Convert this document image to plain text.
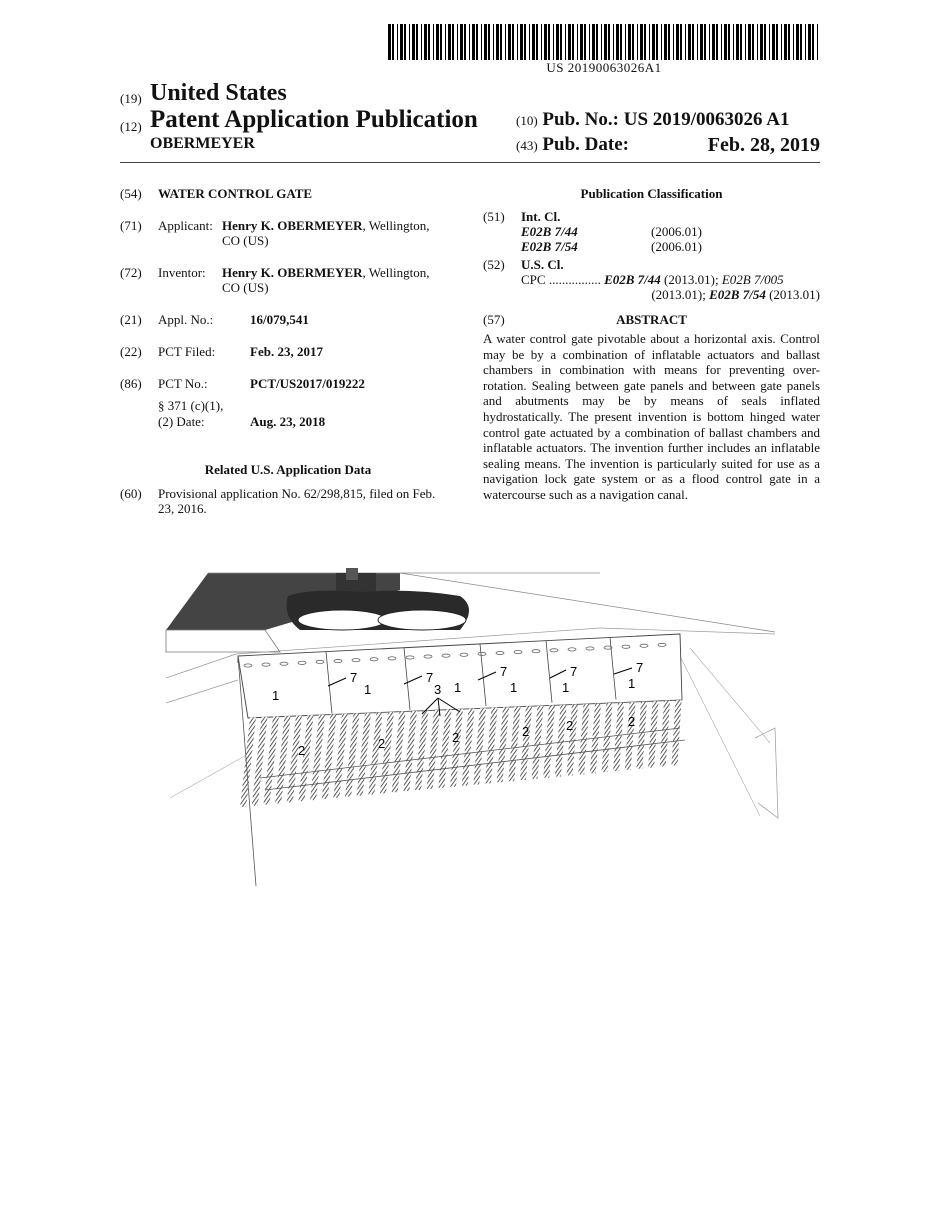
US 20190063026A1
(19) United States
(12) Patent Application Publication
OBERMEYER
(10) Pub. No.: US 2019/0063026 A1
(43) Pub. Date:	Feb. 28, 2019
(54) WATER CONTROL GATE
(71) Applicant: Henry K. OBERMEYER, Wellington,
CO (US)
(72) Inventor: Henry K. OBERMEYER, Wellington,
CO (US)
(21) Appl. No.:	16/079,541
(22) PCT Filed:	Feb. 23, 2017
(86) PCT No.:	PCT/US2017/019222
§ 371 (c)(1),
(2) Date:	Aug. 23, 2018
Related U.S. Application Data
(60) Provisional application No. 62/298,815, filed on Feb.
23, 2016.
Publication Classification
(51) Int. Cl.
E02B 7/44	(2006.01)
E02B 7/54	(2006.01)
(52) U.S. Cl.
CPC ................ E02B 7/44 (2013.01); E02B 7/005
(2013.01); E02B 7/54 (2013.01)
(57)	ABSTRACT
A water control gate pivotable about a horizontal axis. Control may be by a combination of inflatable actuators and ballast chambers in combination with means for preventing over-rotation. Sealing between gate panels and between gate panels and abutments may be by means of seals inflated hydrostatically. The present invention is bottom hinged water control gate actuated by a combination of ballast chambers and inflatable actuators. The invention further includes an inflatable sealing means. The invention is particularly suited for use as a navigation lock gate system or as a flood control gate in a watercourse such as a navigation canal.
1
7
1
7
3 1
7
1
7
1
7
1
2	2	2	2	2	2
